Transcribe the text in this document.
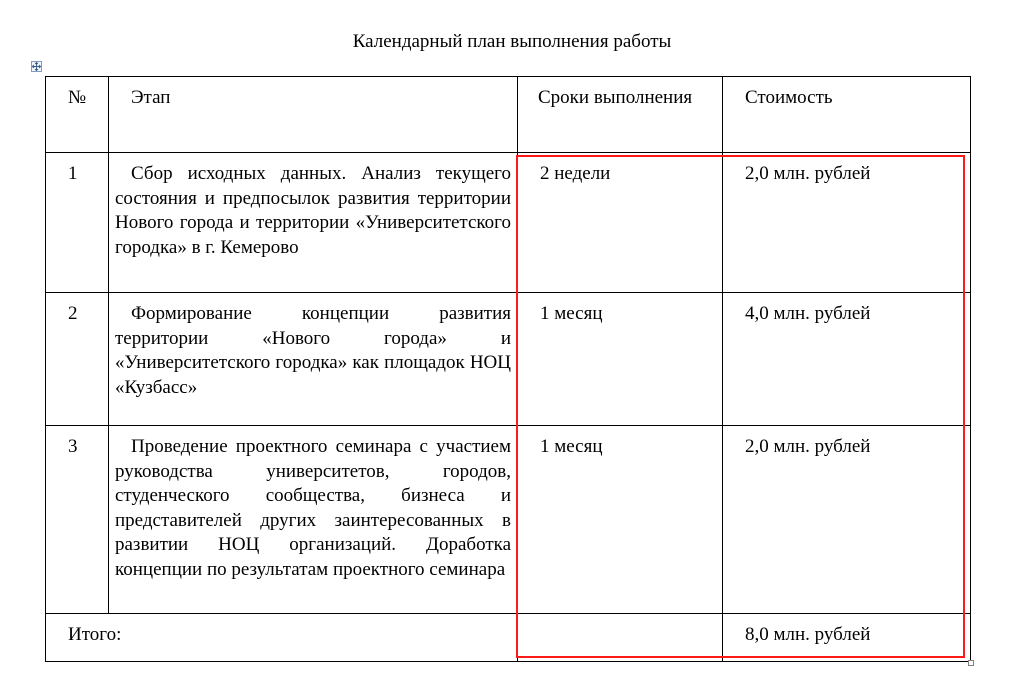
Календарный план выполнения работы
№	Этап	Сроки выполнения	Стоимость

1	Сбор исходных данных. Анализ текущего состояния и предпосылок развития территории Нового города и территории «Университетского городка» в г. Кемерово	2 недели	2,0 млн. рублей

2	Формирование концепции развития территории «Нового города» и «Университетского городка» как площадок НОЦ «Кузбасс»	1 месяц	4,0 млн. рублей

3	Проведение проектного семинара с участием руководства университетов, городов, студенческого сообщества, бизнеса и представителей других заинтересованных в развитии НОЦ организаций. Доработка концепции по результатам проектного семинара	1 месяц	2,0 млн. рублей

Итого:			8,0 млн. рублей
